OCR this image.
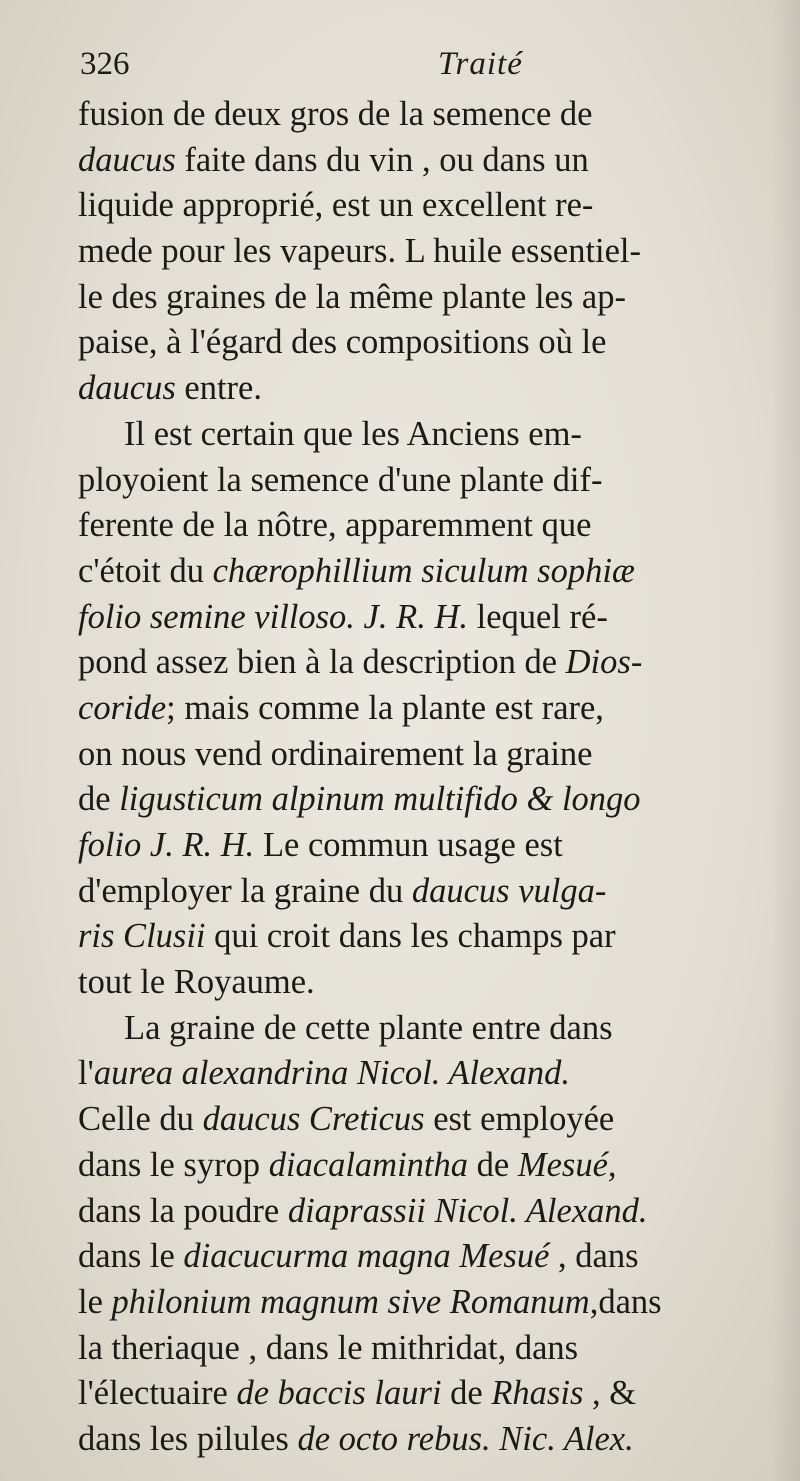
326	Traité
fusion de deux gros de la semence de
daucus faite dans du vin , ou dans un
liquide approprié, est un excellent re-
mede pour les vapeurs. L huile essentiel-
le des graines de la même plante les ap-
paise, à l'égard des compositions où le
daucus entre.
Il est certain que les Anciens em-
ployoient la semence d'une plante dif-
ferente de la nôtre, apparemment que
c'étoit du chærophillium siculum sophiæ
folio semine villoso. J. R. H. lequel ré-
pond assez bien à la description de Dios-
coride; mais comme la plante est rare,
on nous vend ordinairement la graine
de ligusticum alpinum multifido & longo
folio J. R. H. Le commun usage est
d'employer la graine du daucus vulga-
ris Clusii qui croit dans les champs par
tout le Royaume.
La graine de cette plante entre dans
l'aurea alexandrina Nicol. Alexand.
Celle du daucus Creticus est employée
dans le syrop diacalamintha de Mesué,
dans la poudre diaprassii Nicol. Alexand.
dans le diacucurma magna Mesué , dans
le philonium magnum sive Romanum,dans
la theriaque , dans le mithridat, dans
l'électuaire de baccis lauri de Rhasis , &
dans les pilules de octo rebus. Nic. Alex.
